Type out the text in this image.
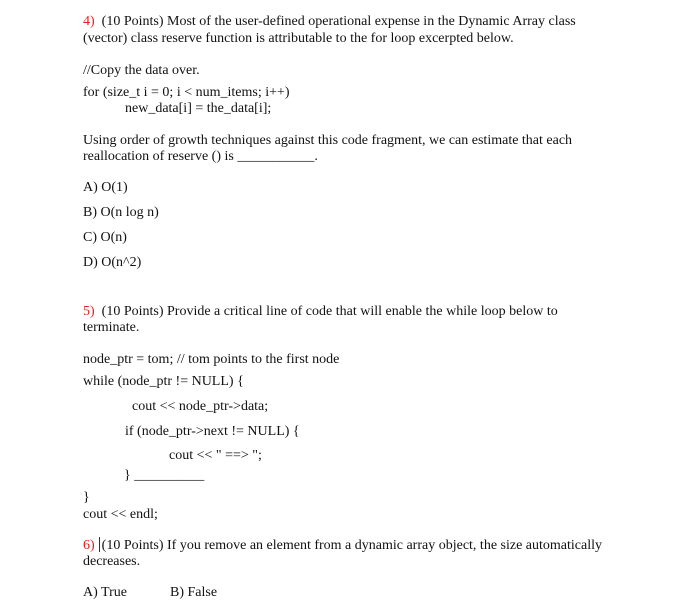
4) (10 Points) Most of the user-defined operational expense in the Dynamic Array class
(vector) class reserve function is attributable to the for loop excerpted below.
//Copy the data over.
for (size_t i = 0; i < num_items; i++)
new_data[i] = the_data[i];
Using order of growth techniques against this code fragment, we can estimate that each
reallocation of reserve () is ___________.
A) O(1)
B) O(n log n)
C) O(n)
D) O(n^2)
5) (10 Points) Provide a critical line of code that will enable the while loop below to
terminate.
node_ptr = tom; // tom points to the first node
while (node_ptr != NULL) {
cout << node_ptr->data;
if (node_ptr->next != NULL) {
cout << " ==> ";
} __________
}
cout << endl;
6) (10 Points) If you remove an element from a dynamic array object, the size automatically
decreases.
A) True	B) False
